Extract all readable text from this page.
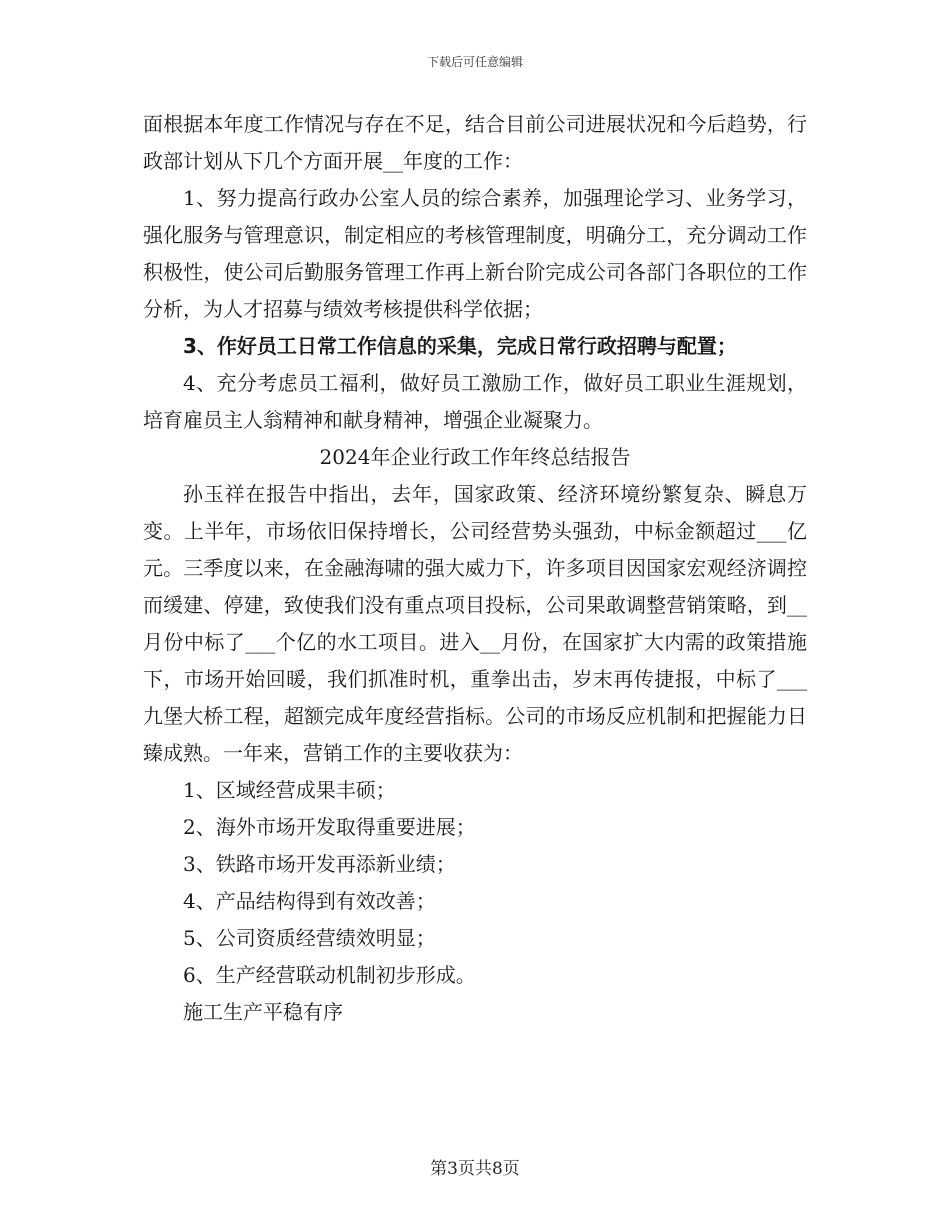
下载后可任意编辑

面根据本年度工作情况与存在不足，结合目前公司进展状况和今后趋势，行政部计划从下几个方面开展__年度的工作：

1、努力提高行政办公室人员的综合素养，加强理论学习、业务学习，强化服务与管理意识，制定相应的考核管理制度，明确分工，充分调动工作积极性，使公司后勤服务管理工作再上新台阶完成公司各部门各职位的工作分析，为人才招募与绩效考核提供科学依据；

3、作好员工日常工作信息的采集，完成日常行政招聘与配置；

4、充分考虑员工福利，做好员工激励工作，做好员工职业生涯规划，培育雇员主人翁精神和献身精神，增强企业凝聚力。

2024年企业行政工作年终总结报告

孙玉祥在报告中指出，去年，国家政策、经济环境纷繁复杂、瞬息万变。上半年，市场依旧保持增长，公司经营势头强劲，中标金额超过___亿元。三季度以来，在金融海啸的强大威力下，许多项目因国家宏观经济调控而缓建、停建，致使我们没有重点项目投标，公司果敢调整营销策略，到__月份中标了___个亿的水工项目。进入__月份，在国家扩大内需的政策措施下，市场开始回暖，我们抓准时机，重拳出击，岁末再传捷报，中标了___九堡大桥工程，超额完成年度经营指标。公司的市场反应机制和把握能力日臻成熟。一年来，营销工作的主要收获为：

1、区域经营成果丰硕；

2、海外市场开发取得重要进展；

3、铁路市场开发再添新业绩；

4、产品结构得到有效改善；

5、公司资质经营绩效明显；

6、生产经营联动机制初步形成。

施工生产平稳有序

第3页共8页
